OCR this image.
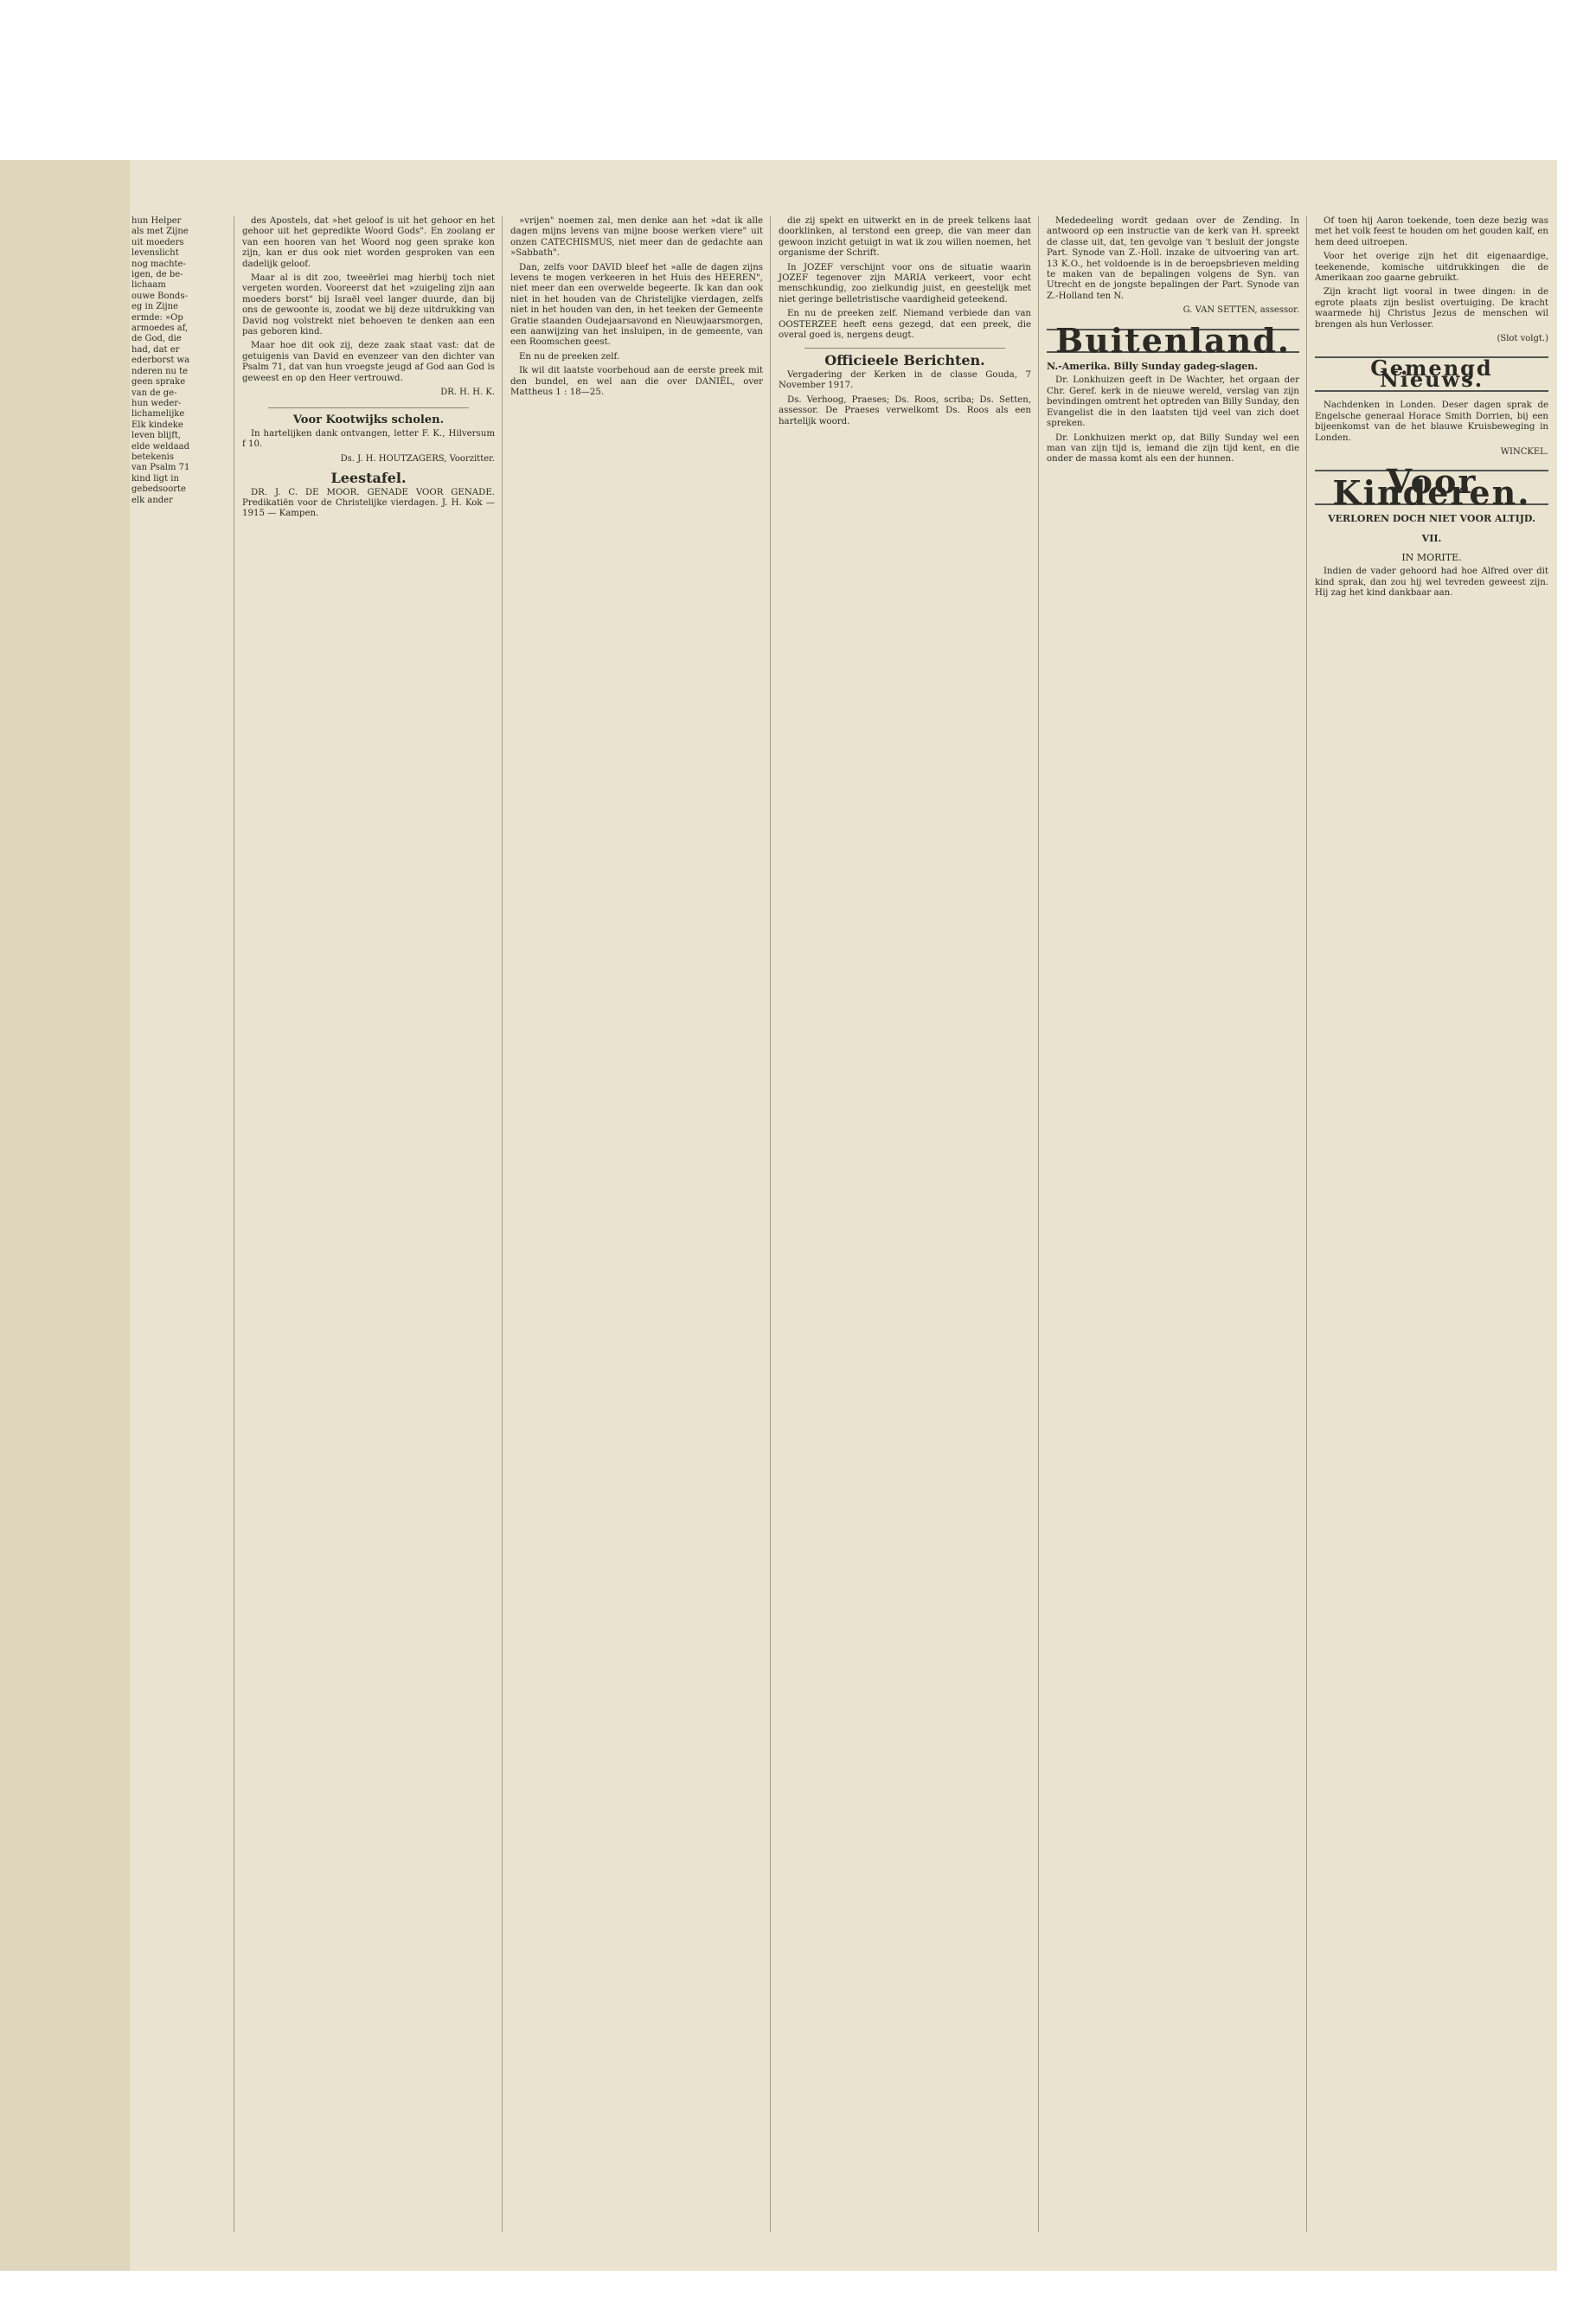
hun Helper
als met Zijne
uit moeders
levenslicht
nog machte-
igen, de be-
lichaam
ouwe Bonds-
eg in Zijne
ermde: »Op
armoedes af,
de God, die
had, dat er
ederborst wa
nderen nu te
geen sprake
van de ge-
hun weder-
lichamelijke
Elk kindeke
leven blijft,
elde weldaad
betekenis
van Psalm 71
kind ligt in
gebedsoorte
elk ander

des Apostels, dat »het geloof is uit het gehoor en het gehoor uit het gepredikte Woord Gods". En zoolang er van een hooren van het Woord nog geen sprake kon zijn, kan er dus ook niet worden gesproken van een dadelijk geloof.

Maar al is dit zoo, tweeërlei mag hierbij toch niet vergeten worden. Vooreerst dat het »zuigeling zijn aan moeders borst" bij Israël veel langer duurde, dan bij ons de gewoonte is, zoodat we bij deze uitdrukking van David nog volstrekt niet behoeven te denken aan een pas geboren kind.

Maar hoe dit ook zij, deze zaak staat vast: dat de getuigenis van David en evenzeer van den dichter van Psalm 71, dat van hun vroegste jeugd af God aan God is geweest en op den Heer vertrouwd.

DR. H. H. K.
Voor Kootwijks scholen.

In hartelijken dank ontvangen, letter F. K., Hilversum f 10.

Ds. J. H. HOUTZAGERS, Voorzitter.
Leestafel.

DR. J. C. DE MOOR. GENADE VOOR GENADE. Predikatiën voor de Christelijke vierdagen. J. H. Kok — 1915 — Kampen.

»vrijen" noemen zal, men denke aan het »dat ik alle dagen mijns levens van mijne boose werken viere" uit onzen CATECHISMUS, niet meer dan de gedachte aan »Sabbath".

Dan, zelfs voor DAVID bleef het »alle de dagen zijns levens te mogen verkeeren in het Huis des HEEREN", niet meer dan een overwelde begeerte. Ik kan dan ook niet in het houden van de Christelijke vierdagen, zelfs niet in het houden van den, in het teeken der Gemeente Gratie staanden Oudejaarsavond en Nieuwjaarsmorgen, een aanwijzing van het insluipen, in de gemeente, van een Roomschen geest.

En nu de preeken zelf.

Ik wil dit laatste voorbehoud aan de eerste preek mit den bundel, en wel aan die over DANIËL, over Mattheus 1 : 18—25.

die zij spekt en uitwerkt en in de preek telkens laat doorklinken, al terstond een greep, die van meer dan gewoon inzicht getuigt in wat ik zou willen noemen, het organisme der Schrift.

In JOZEF verschijnt voor ons de situatie waarin JOZEF tegenover zijn MARIA verkeert, voor echt menschkundig, zoo zielkundig juist, en geestelijk met niet geringe belletristische vaardigheid geteekend.

En nu de preeken zelf. Niemand verbiede dan van OOSTERZEE heeft eens gezegd, dat een preek, die overal goed is, nergens deugt.

Officieele Berichten.

Vergadering der Kerken in de classe Gouda, 7 November 1917.

Ds. Verhoog, Praeses; Ds. Roos, scriba; Ds. Setten, assessor. De Praeses verwelkomt Ds. Roos als een hartelijk woord.

Mededeeling wordt gedaan over de Zending. In antwoord op een instructie van de kerk van H. spreekt de classe uit, dat, ten gevolge van 't besluit der jongste Part. Synode van Z.-Holl. inzake de uitvoering van art. 13 K.O., het voldoende is in de beroepsbrieven melding te maken van de bepalingen volgens de Syn. van Utrecht en de jongste bepalingen der Part. Synode van Z.-Holland ten N.

G. VAN SETTEN, assessor.
Buitenland.
N.-Amerika. Billy Sunday gadeg-slagen.

Dr. Lonkhuizen geeft in De Wachter, het orgaan der Chr. Geref. kerk in de nieuwe wereld, verslag van zijn bevindingen omtrent het optreden van Billy Sunday, den Evangelist die in den laatsten tijd veel van zich doet spreken.

Dr. Lonkhuizen merkt op, dat Billy Sunday wel een man van zijn tijd is, iemand die zijn tijd kent, en die onder de massa komt als een der hunnen.

Of toen hij Aaron toekende, toen deze bezig was met het volk feest te houden om het gouden kalf, en hem deed uitroepen.

Voor het overige zijn het dit eigenaardige, teekenende, komische uitdrukkingen die de Amerikaan zoo gaarne gebruikt.

Zijn kracht ligt vooral in twee dingen: in de egrote plaats zijn beslist overtuiging. De kracht waarmede hij Christus Jezus de menschen wil brengen als hun Verlosser.

(Slot volgt.)
Gemengd Nieuws.

Nachdenken in Londen. Deser dagen sprak de Engelsche generaal Horace Smith Dorrien, bij een bijeenkomst van de het blauwe Kruisbeweging in Londen.

WINCKEL.
Voor Kinderen.
VERLOREN DOCH NIET VOOR ALTIJD.
VII.
IN MORITE.

Indien de vader gehoord had hoe Alfred over dit kind sprak, dan zou hij wel tevreden geweest zijn. Hij zag het kind dankbaar aan.
